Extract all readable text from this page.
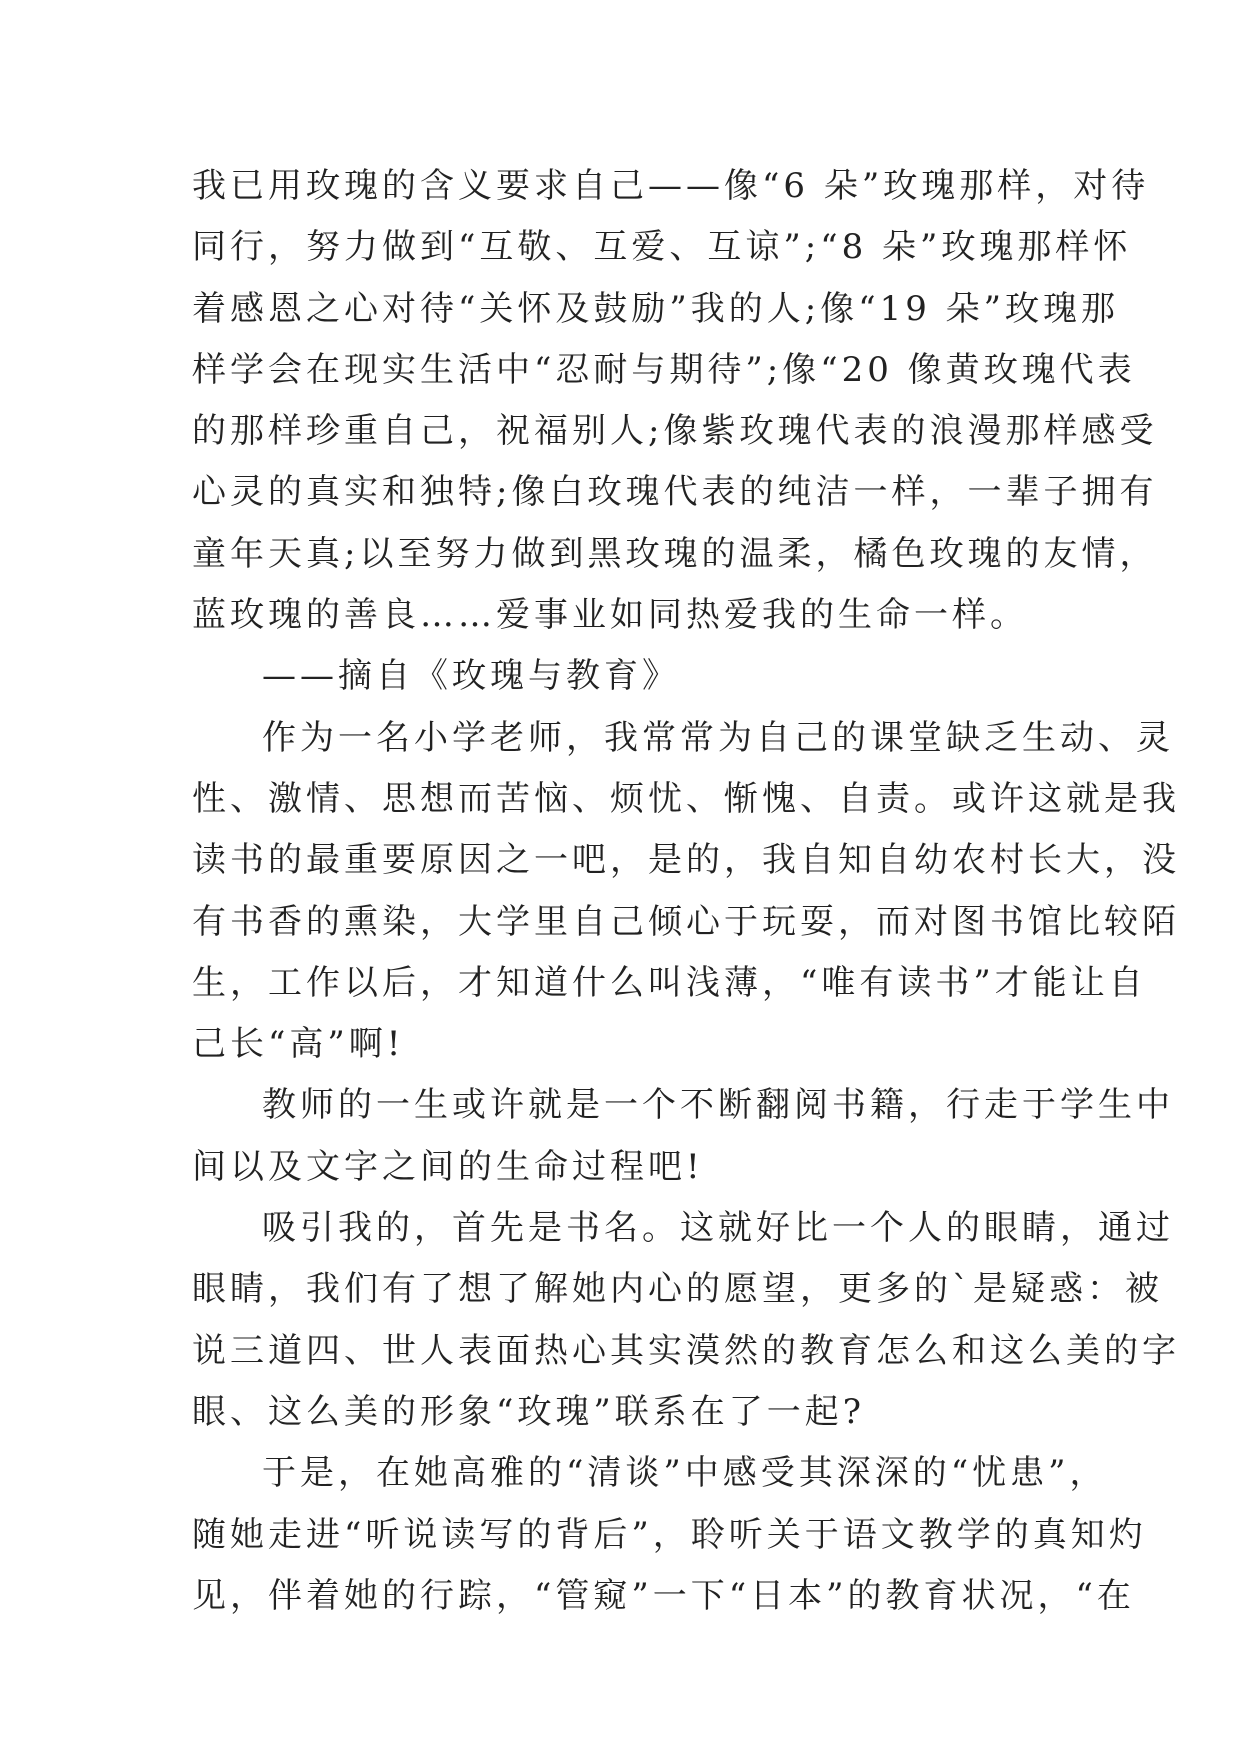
我已用玫瑰的含义要求自己——像“6 朵”玫瑰那样，对待
同行，努力做到“互敬、互爱、互谅”;“8 朵”玫瑰那样怀
着感恩之心对待“关怀及鼓励”我的人;像“19 朵”玫瑰那
样学会在现实生活中“忍耐与期待”;像“20 像黄玫瑰代表
的那样珍重自己，祝福别人;像紫玫瑰代表的浪漫那样感受
心灵的真实和独特;像白玫瑰代表的纯洁一样，一辈子拥有
童年天真;以至努力做到黑玫瑰的温柔，橘色玫瑰的友情，
蓝玫瑰的善良……爱事业如同热爱我的生命一样。
——摘自《玫瑰与教育》
作为一名小学老师，我常常为自己的课堂缺乏生动、灵
性、激情、思想而苦恼、烦忧、惭愧、自责。或许这就是我
读书的最重要原因之一吧，是的，我自知自幼农村长大，没
有书香的熏染，大学里自己倾心于玩耍，而对图书馆比较陌
生，工作以后，才知道什么叫浅薄，“唯有读书”才能让自
己长“高”啊!
教师的一生或许就是一个不断翻阅书籍，行走于学生中
间以及文字之间的生命过程吧!
吸引我的，首先是书名。这就好比一个人的眼睛，通过
眼睛，我们有了想了解她内心的愿望，更多的`是疑惑：被
说三道四、世人表面热心其实漠然的教育怎么和这么美的字
眼、这么美的形象“玫瑰”联系在了一起?
于是，在她高雅的“清谈”中感受其深深的“忧患”，
随她走进“听说读写的背后”，聆听关于语文教学的真知灼
见，伴着她的行踪，“管窥”一下“日本”的教育状况，“在
